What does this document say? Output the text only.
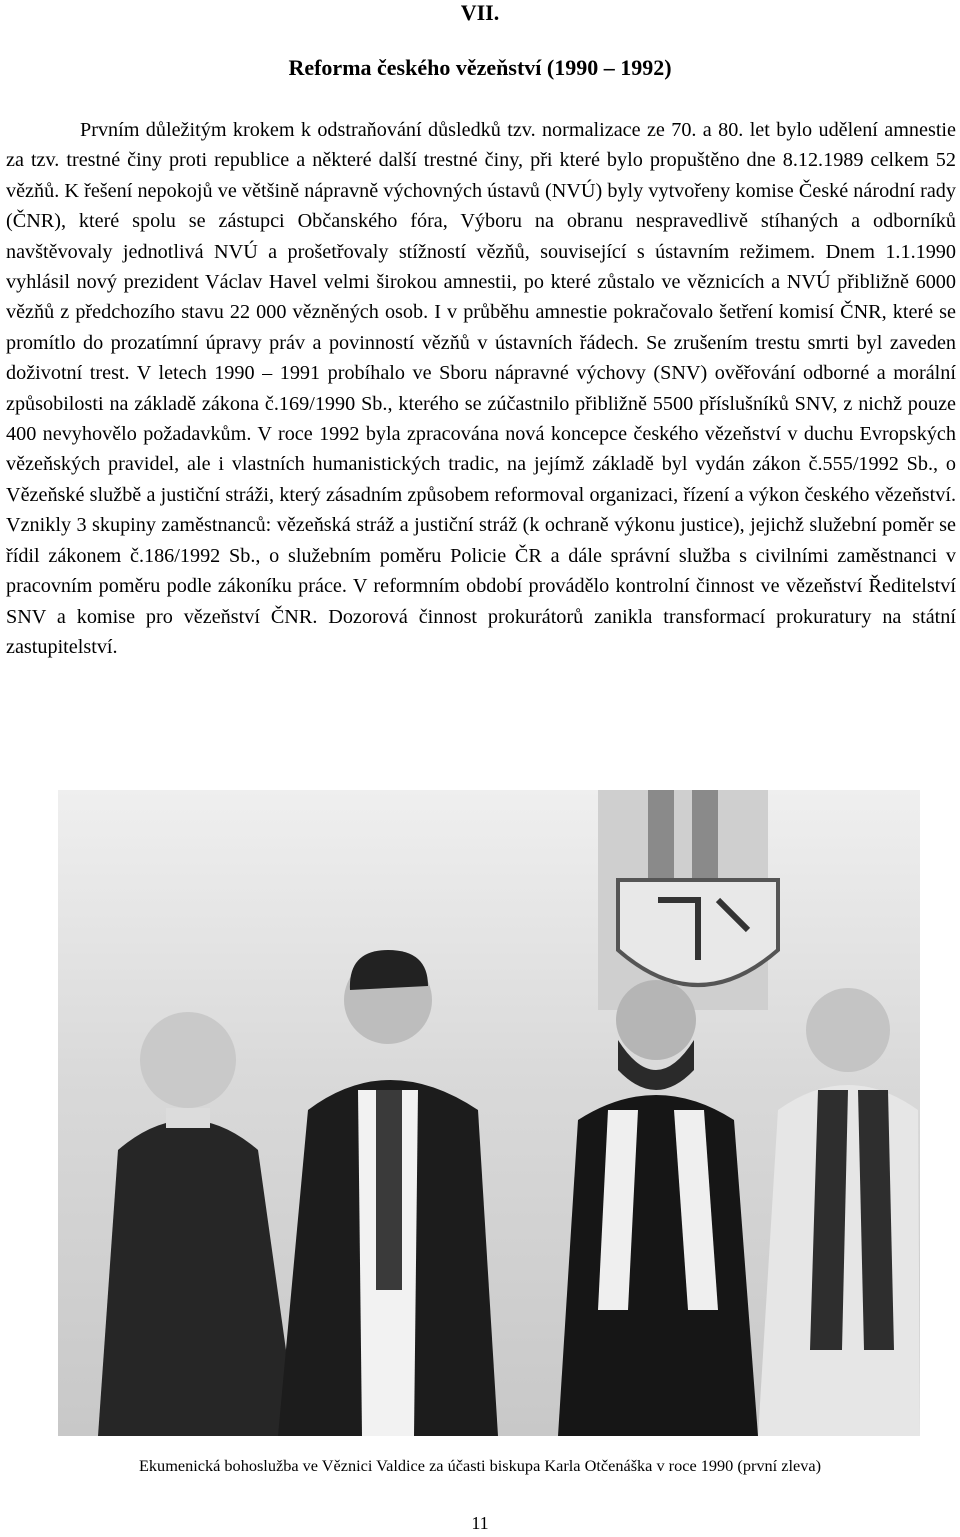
VII.
Reforma českého vězeňství (1990 – 1992)

Prvním důležitým krokem k odstraňování důsledků tzv. normalizace ze 70. a 80. let bylo udělení amnestie za tzv. trestné činy proti republice a některé další trestné činy, při které bylo propuštěno dne 8.12.1989 celkem 52 vězňů. K řešení nepokojů ve většině nápravně výchovných ústavů (NVÚ) byly vytvořeny komise České národní rady (ČNR), které spolu se zástupci Občanského fóra, Výboru na obranu nespravedlivě stíhaných a odborníků navštěvovaly jednotlivá NVÚ a prošetřovaly stížností vězňů, související s ústavním režimem. Dnem 1.1.1990 vyhlásil nový prezident Václav Havel velmi širokou amnestii, po které zůstalo ve věznicích a NVÚ přibližně 6000 vězňů z předchozího stavu 22 000 vězněných osob. I v průběhu amnestie pokračovalo šetření komisí ČNR, které se promítlo do prozatímní úpravy práv a povinností vězňů v ústavních řádech. Se zrušením trestu smrti byl zaveden doživotní trest. V letech 1990 – 1991 probíhalo ve Sboru nápravné výchovy (SNV) ověřování odborné a morální způsobilosti na základě zákona č.169/1990 Sb., kterého se zúčastnilo přibližně 5500 příslušníků SNV, z nichž pouze 400 nevyhovělo požadavkům. V roce 1992 byla zpracována nová koncepce českého vězeňství v duchu Evropských vězeňských pravidel, ale i vlastních humanistických tradic, na jejímž základě byl vydán zákon č.555/1992 Sb., o Vězeňské službě a justiční stráži, který zásadním způsobem reformoval organizaci, řízení a výkon českého vězeňství. Vznikly 3 skupiny zaměstnanců: vězeňská stráž a justiční stráž (k ochraně výkonu justice), jejichž služební poměr se řídil zákonem č.186/1992 Sb., o služebním poměru Policie ČR a dále správní služba s civilními zaměstnanci v pracovním poměru podle zákoníku práce. V reformním období provádělo kontrolní činnost ve vězeňství Ředitelství SNV a komise pro vězeňství ČNR. Dozorová činnost prokurátorů zanikla transformací prokuratury na státní zastupitelství.

Ekumenická bohoslužba ve Věznici Valdice za účasti biskupa Karla Otčenáška v roce 1990 (první zleva)
11
